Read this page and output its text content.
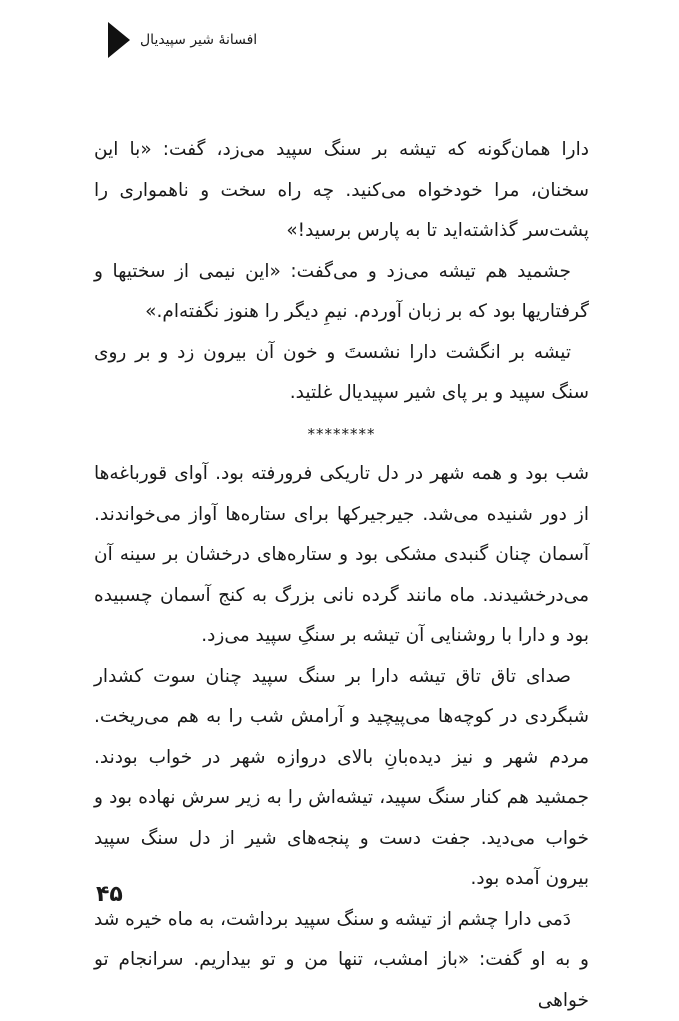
افسانهٔ شیر سپیدیال

دارا همان‌گونه که تیشه بر سنگ سپید می‌زد، گفت: «با این سخنان، مرا خودخواه می‌کنید. چه راه سخت و ناهمواری را پشت‌سر گذاشته‌اید تا به پارس برسید!»

جشمید هم تیشه می‌زد و می‌گفت: «این نیمی از سختیها و گرفتاریها بود که بر زبان آوردم. نیمِ دیگر را هنوز نگفته‌ام.»

تیشه بر انگشت دارا نشستَ و خون آن بیرون زد و بر روی سنگ سپید و بر پای شیر سپیدیال غلتید.

********

شب بود و همه شهر در دل تاریکی فرورفته بود. آوای قورباغه‌ها از دور شنیده می‌شد. جیرجیرکها برای ستاره‌ها آواز می‌خواندند. آسمان چنان گنبدی مشکی بود و ستاره‌های درخشان بر سینه آن می‌درخشیدند. ماه مانند گرده نانی بزرگ به کنج آسمان چسبیده بود و دارا با روشنایی آن تیشه بر سنگِ سپید می‌زد.

صدای تاق تاق تیشه دارا بر سنگ سپید چنان سوت کشدار شبگردی در کوچه‌ها می‌پیچید و آرامش شب را به هم می‌ریخت. مردم شهر و نیز دیده‌بانِ بالای دروازه شهر در خواب بودند. جمشید هم کنار سنگ سپید، تیشه‌اش را به زیر سرش نهاده بود و خواب می‌دید. جفت دست و پنجه‌های شیر از دل سنگ سپید بیرون آمده بود.

دَمی دارا چشم از تیشه و سنگ سپید برداشت، به ماه خیره شد و به او گفت: «باز امشب، تنها من و تو بیداریم. سرانجام تو خواهی

۴۵
